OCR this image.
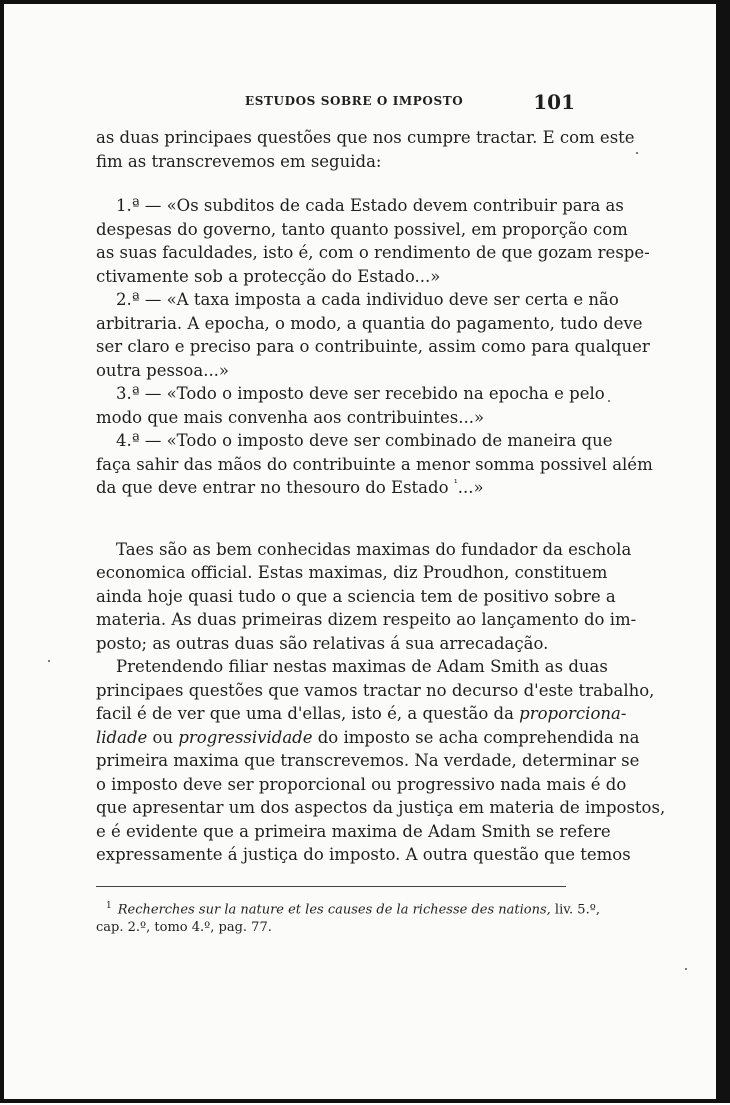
ESTUDOS SOBRE O IMPOSTO	101
as duas principaes questões que nos cumpre tractar. E com este
fim as transcrevemos em seguida:
1.ª — «Os subditos de cada Estado devem contribuir para as
despesas do governo, tanto quanto possivel, em proporção com
as suas faculdades, isto é, com o rendimento de que gozam respe-
ctivamente sob a protecção do Estado...»
2.ª — «A taxa imposta a cada individuo deve ser certa e não
arbitraria. A epocha, o modo, a quantia do pagamento, tudo deve
ser claro e preciso para o contribuinte, assim como para qualquer
outra pessoa...»
3.ª — «Todo o imposto deve ser recebido na epocha e pelo
modo que mais convenha aos contribuintes...»
4.ª — «Todo o imposto deve ser combinado de maneira que
faça sahir das mãos do contribuinte a menor somma possivel além
da que deve entrar no thesouro do Estado $^{^1}$...»
Taes são as bem conhecidas maximas do fundador da eschola
economica official. Estas maximas, diz Proudhon, constituem
ainda hoje quasi tudo o que a sciencia tem de positivo sobre a
materia. As duas primeiras dizem respeito ao lançamento do im-
posto; as outras duas são relativas á sua arrecadação.
Pretendendo filiar nestas maximas de Adam Smith as duas
principaes questões que vamos tractar no decurso d'este trabalho,
facil é de ver que uma d'ellas, isto é, a questão da proporciona-
lidade ou progressividade do imposto se acha comprehendida na
primeira maxima que transcrevemos. Na verdade, determinar se
o imposto deve ser proporcional ou progressivo nada mais é do
que apresentar um dos aspectos da justiça em materia de impostos,
e é evidente que a primeira maxima de Adam Smith se refere
expressamente á justiça do imposto. A outra questão que temos
$^1$ Recherches sur la nature et les causes de la richesse des nations, liv. 5.º,
cap. 2.º, tomo 4.º, pag. 77.
